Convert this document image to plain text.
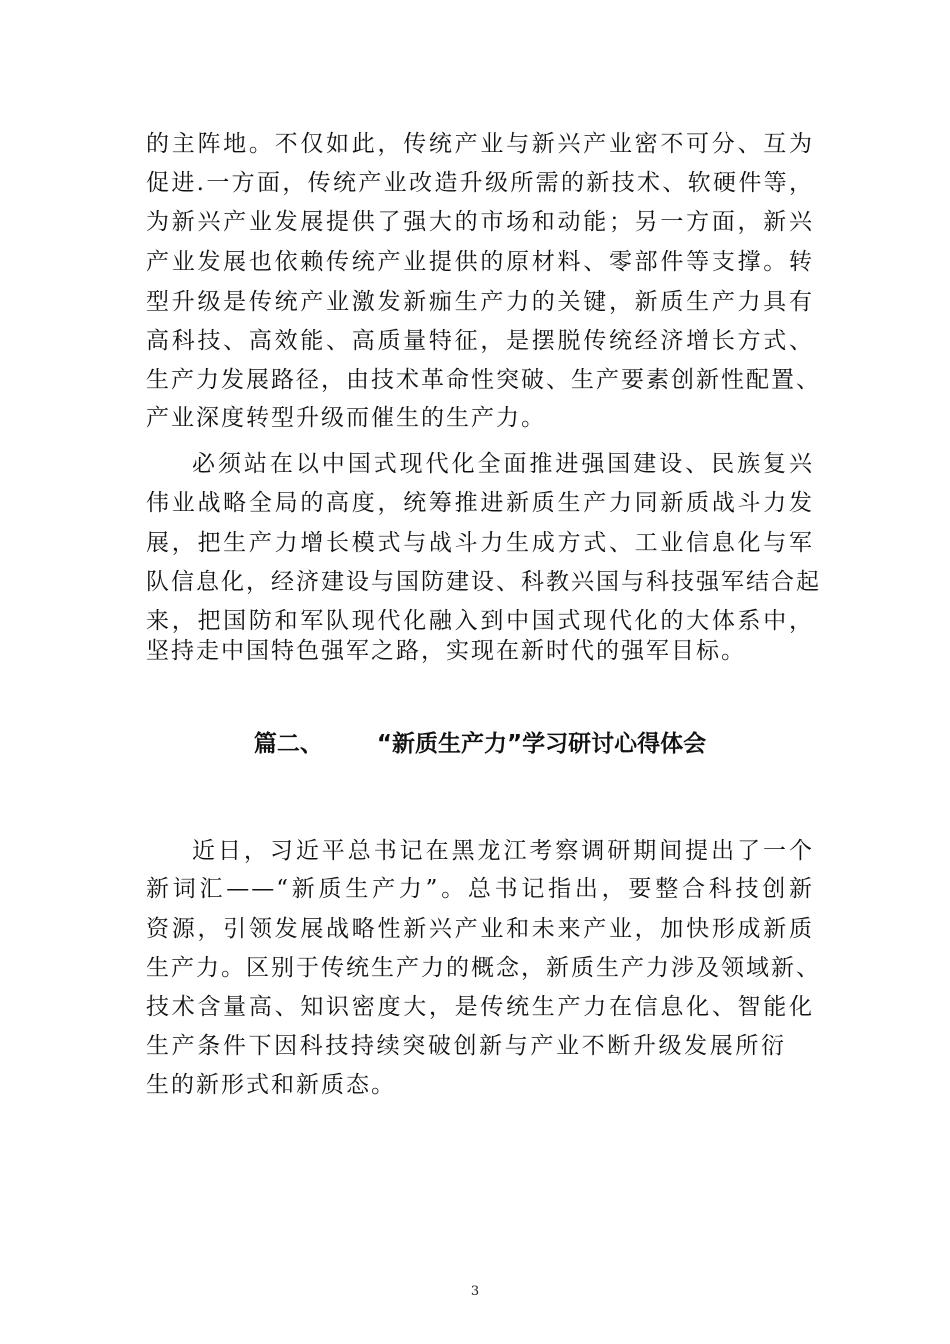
的主阵地。不仅如此，传统产业与新兴产业密不可分、互为
促进.一方面，传统产业改造升级所需的新技术、软硬件等，
为新兴产业发展提供了强大的市场和动能；另一方面，新兴
产业发展也依赖传统产业提供的原材料、零部件等支撑。转
型升级是传统产业激发新痂生产力的关键，新质生产力具有
高科技、高效能、高质量特征，是摆脱传统经济增长方式、
生产力发展路径，由技术革命性突破、生产要素创新性配置、
产业深度转型升级而催生的生产力。
必须站在以中国式现代化全面推进强国建设、民族复兴
伟业战略全局的高度，统筹推进新质生产力同新质战斗力发
展，把生产力增长模式与战斗力生成方式、工业信息化与军
队信息化，经济建设与国防建设、科教兴国与科技强军结合起
来，把国防和军队现代化融入到中国式现代化的大体系中，
坚持走中国特色强军之路，实现在新时代的强军目标。
篇二、 “新质生产力”学习研讨心得体会
近日，习近平总书记在黑龙江考察调研期间提出了一个
新词汇——“新质生产力”。总书记指出，要整合科技创新
资源，引领发展战略性新兴产业和未来产业，加快形成新质
生产力。区别于传统生产力的概念，新质生产力涉及领域新、
技术含量高、知识密度大，是传统生产力在信息化、智能化
生产条件下因科技持续突破创新与产业不断升级发展所衍
生的新形式和新质态。
3
